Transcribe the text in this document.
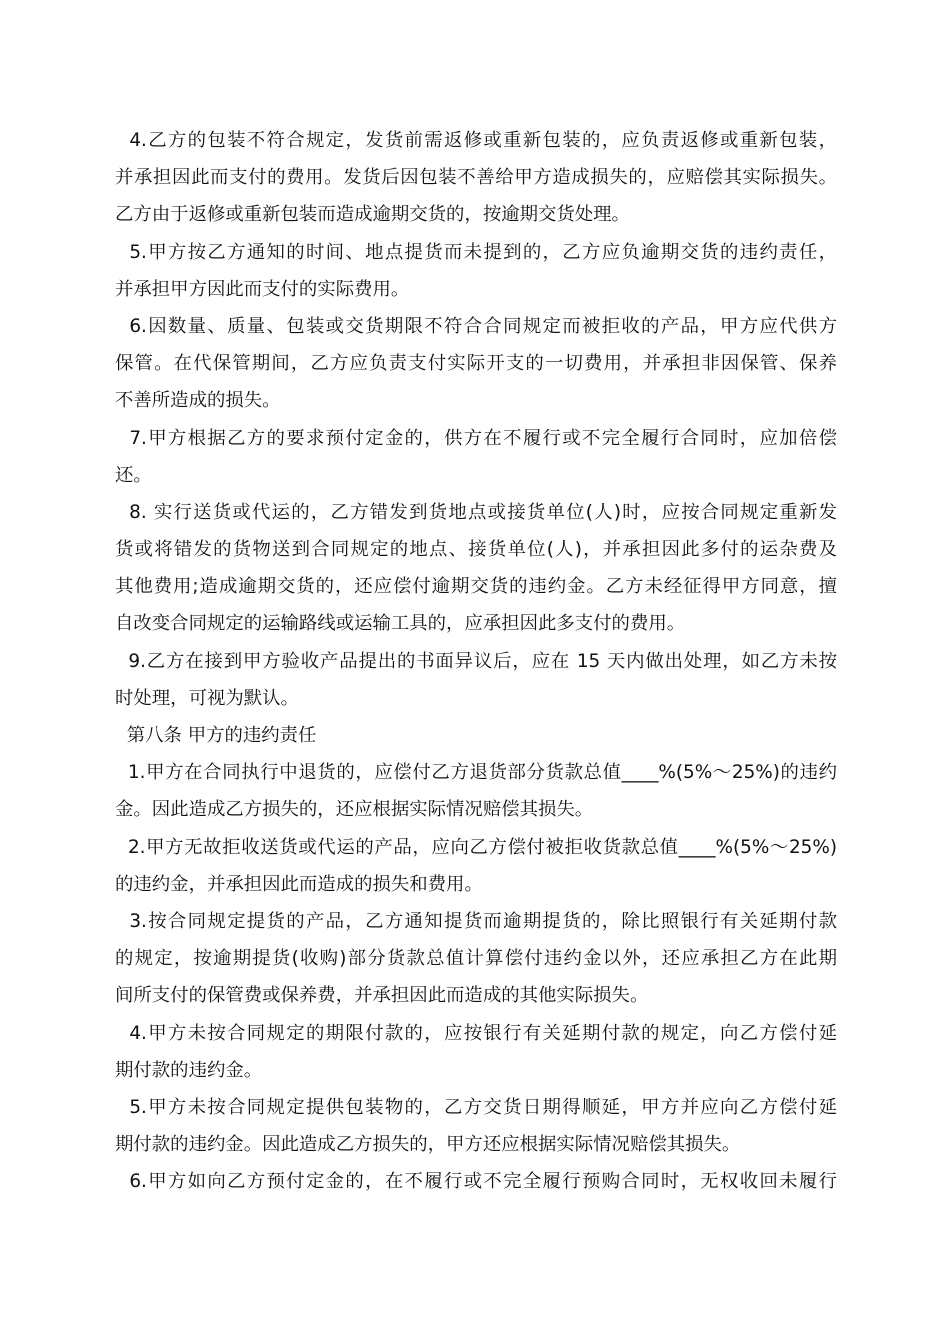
4.乙方的包装不符合规定，发货前需返修或重新包装的，应负责返修或重新包装，
并承担因此而支付的费用。发货后因包装不善给甲方造成损失的，应赔偿其实际损失。
乙方由于返修或重新包装而造成逾期交货的，按逾期交货处理。
5.甲方按乙方通知的时间、地点提货而未提到的，乙方应负逾期交货的违约责任，
并承担甲方因此而支付的实际费用。
6.因数量、质量、包装或交货期限不符合合同规定而被拒收的产品，甲方应代供方
保管。在代保管期间，乙方应负责支付实际开支的一切费用，并承担非因保管、保养
不善所造成的损失。
7.甲方根据乙方的要求预付定金的，供方在不履行或不完全履行合同时，应加倍偿
还。
8. 实行送货或代运的，乙方错发到货地点或接货单位(人)时，应按合同规定重新发
货或将错发的货物送到合同规定的地点、接货单位(人)，并承担因此多付的运杂费及
其他费用;造成逾期交货的，还应偿付逾期交货的违约金。乙方未经征得甲方同意，擅
自改变合同规定的运输路线或运输工具的，应承担因此多支付的费用。
9.乙方在接到甲方验收产品提出的书面异议后，应在 15 天内做出处理，如乙方未按
时处理，可视为默认。
第八条 甲方的违约责任
1.甲方在合同执行中退货的，应偿付乙方退货部分货款总值____%(5%～25%)的违约
金。因此造成乙方损失的，还应根据实际情况赔偿其损失。
2.甲方无故拒收送货或代运的产品，应向乙方偿付被拒收货款总值____%(5%～25%)
的违约金，并承担因此而造成的损失和费用。
3.按合同规定提货的产品，乙方通知提货而逾期提货的，除比照银行有关延期付款
的规定，按逾期提货(收购)部分货款总值计算偿付违约金以外，还应承担乙方在此期
间所支付的保管费或保养费，并承担因此而造成的其他实际损失。
4.甲方未按合同规定的期限付款的，应按银行有关延期付款的规定，向乙方偿付延
期付款的违约金。
5.甲方未按合同规定提供包装物的，乙方交货日期得顺延，甲方并应向乙方偿付延
期付款的违约金。因此造成乙方损失的，甲方还应根据实际情况赔偿其损失。
6.甲方如向乙方预付定金的，在不履行或不完全履行预购合同时，无权收回未履行
